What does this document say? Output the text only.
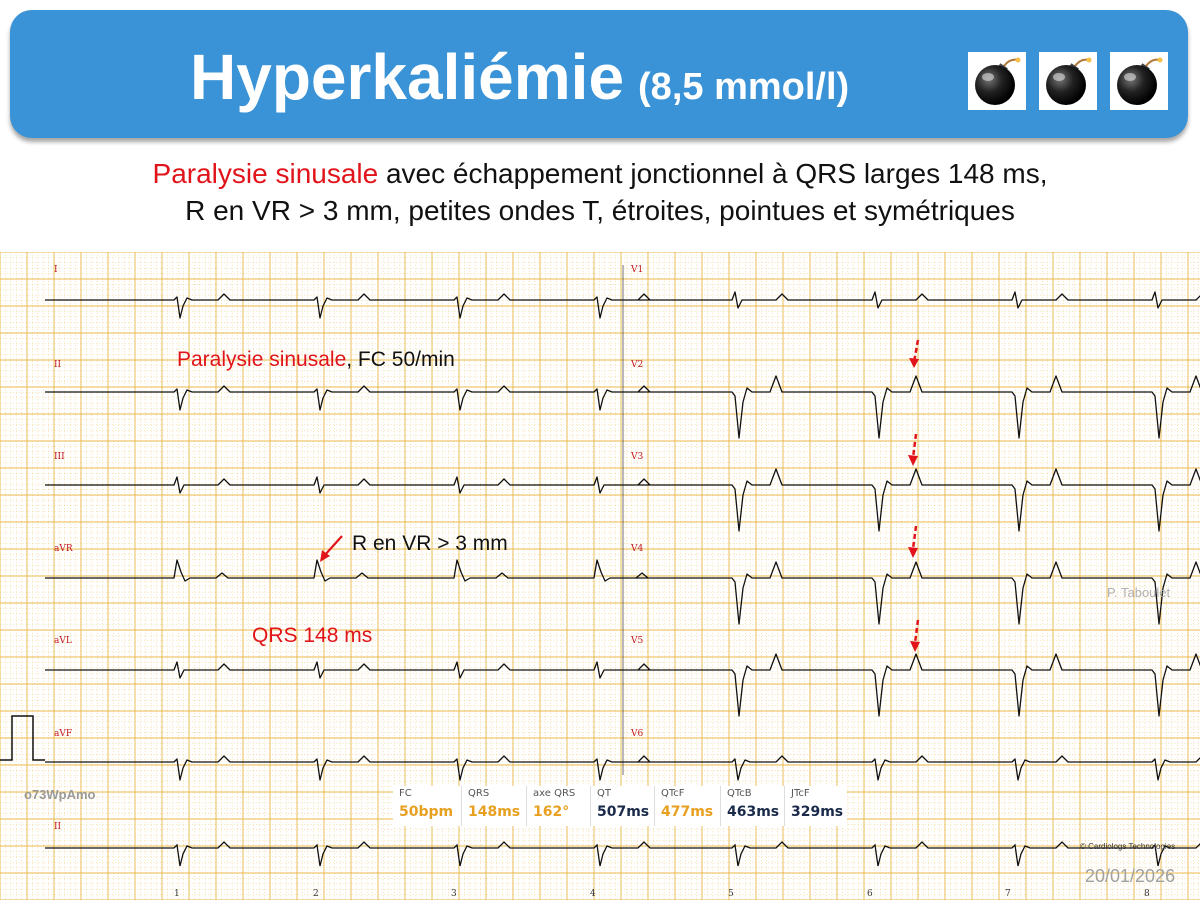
Hyperkaliémie (8,5 mmol/l)
Paralysie sinusale avec échappement jonctionnel à QRS larges 148 ms,
R en VR > 3 mm, petites ondes T, étroites, pointues et symétriques
I
II
III
aVR
aVL
aVF
V1
V2
V3
V4
V5
V6
II
1	2	3	4	5	6	7	8
FC
50bpm
QRS
148ms
axe QRS
162°
QT
507ms
QTcF
477ms
QTcB
463ms
JTcF
329ms
Paralysie sinusale, FC 50/min
R en VR > 3 mm
QRS 148 ms
o73WpAmo
P. Taboulet
© Cardiologs Technologies
20/01/2026
